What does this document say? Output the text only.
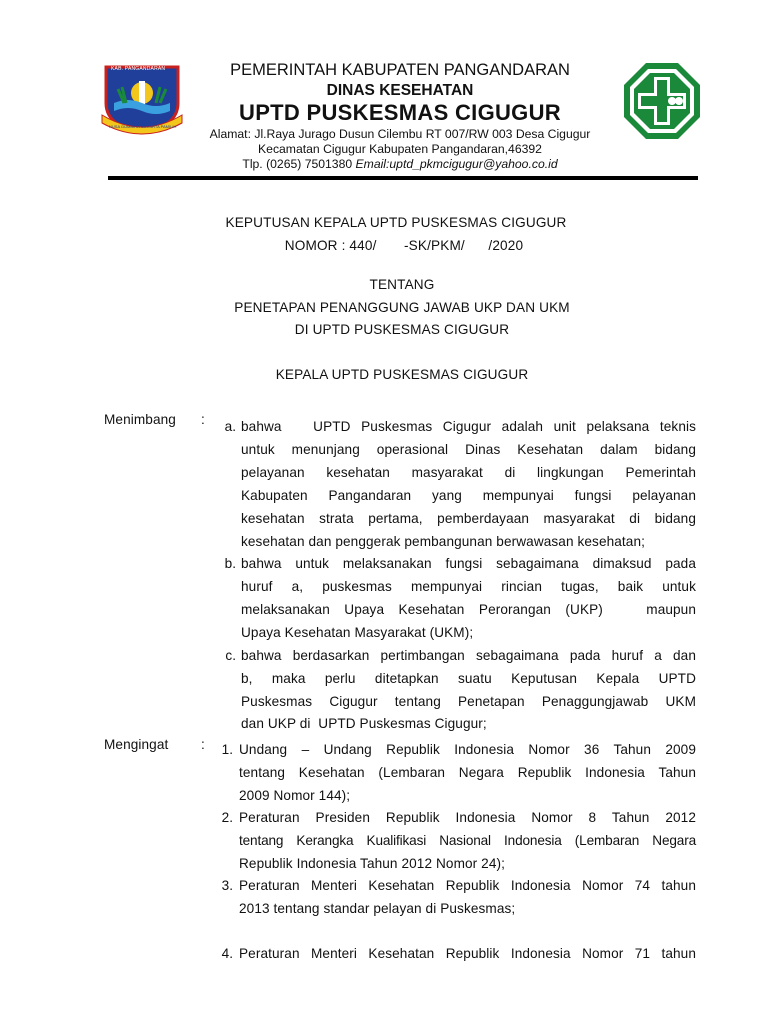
KAB. PANGANDARAN
NUSA GUMBIRA MUKARTA PAMILIH
PEMERINTAH KABUPATEN PANGANDARAN
DINAS KESEHATAN
UPTD PUSKESMAS CIGUGUR
Alamat: Jl.Raya Jurago Dusun Cilembu RT 007/RW 003 Desa Cigugur
Kecamatan Cigugur Kabupaten Pangandaran,46392
Tlp. (0265) 7501380 Email:uptd_pkmcigugur@yahoo.co.id
KEPUTUSAN KEPALA UPTD PUSKESMAS CIGUGUR
NOMOR : 440/       -SK/PKM/      /2020
TENTANG
PENETAPAN PENANGGUNG JAWAB UKP DAN UKM
DI UPTD PUSKESMAS CIGUGUR
KEPALA UPTD PUSKESMAS CIGUGUR
Menimbang :	a. bahwa   UPTD Puskesmas Cigugur adalah unit pelaksana teknis
untuk menunjang operasional Dinas Kesehatan dalam bidang
pelayanan kesehatan masyarakat di lingkungan Pemerintah
Kabupaten Pangandaran yang mempunyai fungsi pelayanan
kesehatan strata pertama, pemberdayaan masyarakat di bidang
kesehatan dan penggerak pembangunan berwawasan kesehatan;
b. bahwa untuk melaksanakan fungsi sebagaimana dimaksud pada
huruf a, puskesmas mempunyai rincian tugas, baik untuk
melaksanakan Upaya Kesehatan Perorangan (UKP)   maupun
Upaya Kesehatan Masyarakat (UKM);
c. bahwa berdasarkan pertimbangan sebagaimana pada huruf a dan
b, maka perlu ditetapkan suatu Keputusan Kepala UPTD
Puskesmas Cigugur tentang Penetapan Penaggungjawab UKM
dan UKP di  UPTD Puskesmas Cigugur;
Mengingat :	1. Undang – Undang Republik Indonesia Nomor 36 Tahun 2009
tentang Kesehatan (Lembaran Negara Republik Indonesia Tahun
2009 Nomor 144);
2. Peraturan Presiden Republik Indonesia Nomor 8 Tahun 2012
tentang Kerangka Kualifikasi Nasional Indonesia (Lembaran Negara
Republik Indonesia Tahun 2012 Nomor 24);
3. Peraturan Menteri Kesehatan Republik Indonesia Nomor 74 tahun
2013 tentang standar pelayan di Puskesmas;
4. Peraturan Menteri Kesehatan Republik Indonesia Nomor 71 tahun
